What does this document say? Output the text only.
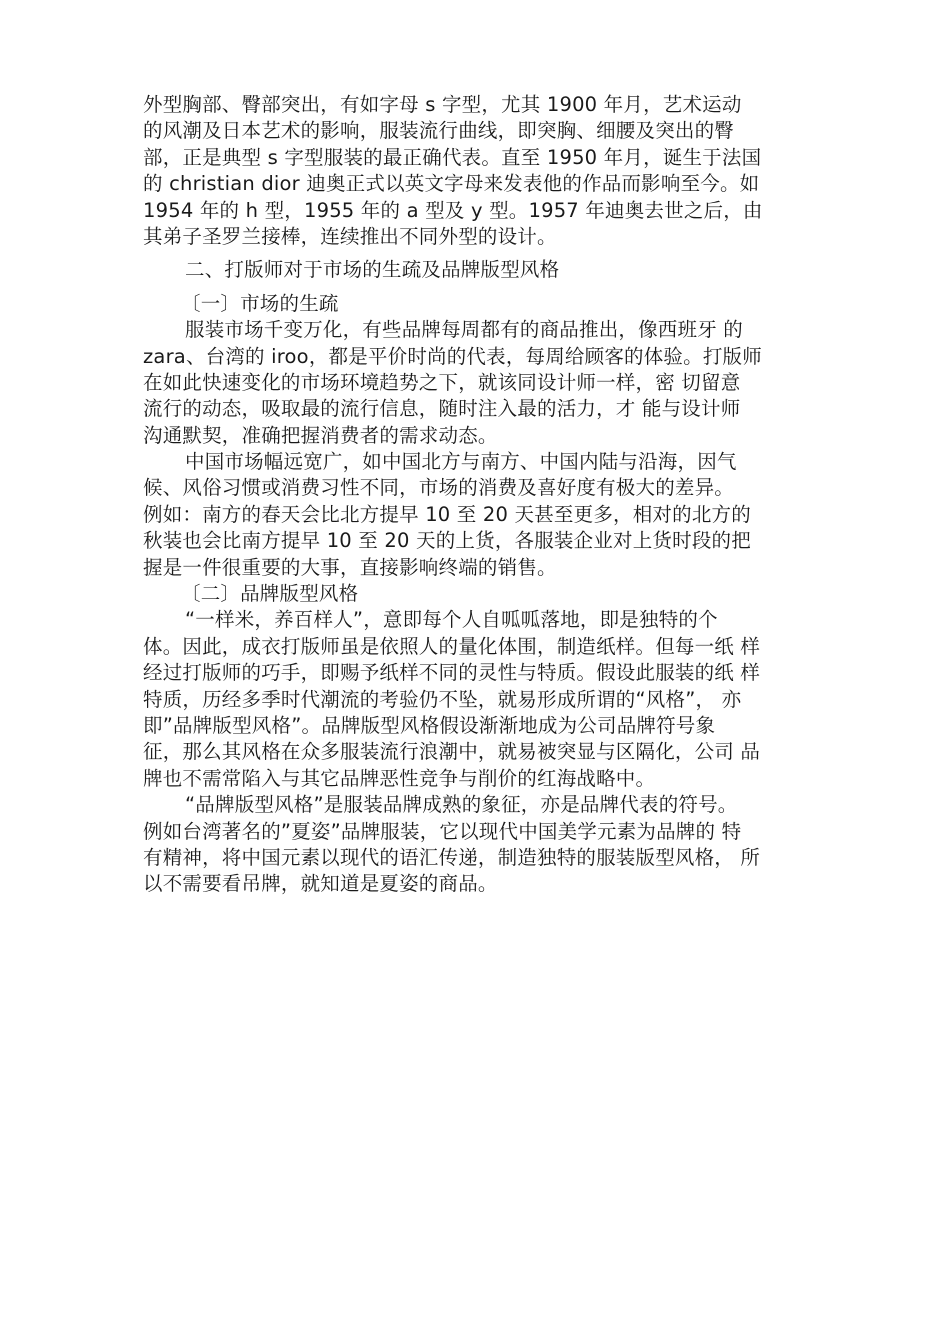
外型胸部、臀部突出，有如字母 s 字型，尤其 1900 年月，艺术运动
的风潮及日本艺术的影响，服装流行曲线，即突胸、细腰及突出的臀
部，正是典型 s 字型服装的最正确代表。直至 1950 年月，诞生于法国
的 christian dior 迪奥正式以英文字母来发表他的作品而影响至今。如
1954 年的 h 型，1955 年的 a 型及 y 型。1957 年迪奥去世之后，由
其弟子圣罗兰接棒，连续推出不同外型的设计。
二、打版师对于市场的生疏及品牌版型风格
〔一〕市场的生疏
服装市场千变万化，有些品牌每周都有的商品推出，像西班牙 的
zara、台湾的 iroo，都是平价时尚的代表，每周给顾客的体验。打版师
在如此快速变化的市场环境趋势之下，就该同设计师一样，密 切留意
流行的动态，吸取最的流行信息，随时注入最的活力，才 能与设计师
沟通默契，准确把握消费者的需求动态。
中国市场幅远宽广，如中国北方与南方、中国内陆与沿海，因气
候、风俗习惯或消费习性不同，市场的消费及喜好度有极大的差异。
例如：南方的春天会比北方提早 10 至 20 天甚至更多，相对的北方的
秋装也会比南方提早 10 至 20 天的上货，各服装企业对上货时段的把
握是一件很重要的大事，直接影响终端的销售。
〔二〕品牌版型风格
“一样米，养百样人”，意即每个人自呱呱落地，即是独特的个
体。因此，成衣打版师虽是依照人的量化体围，制造纸样。但每一纸 样
经过打版师的巧手，即赐予纸样不同的灵性与特质。假设此服装的纸 样
特质，历经多季时代潮流的考验仍不坠，就易形成所谓的“风格”， 亦
即”品牌版型风格”。品牌版型风格假设渐渐地成为公司品牌符号象
征，那么其风格在众多服装流行浪潮中，就易被突显与区隔化，公司 品
牌也不需常陷入与其它品牌恶性竞争与削价的红海战略中。
“品牌版型风格”是服装品牌成熟的象征，亦是品牌代表的符号。
例如台湾著名的”夏姿”品牌服装，它以现代中国美学元素为品牌的 特
有精神，将中国元素以现代的语汇传递，制造独特的服装版型风格， 所
以不需要看吊牌，就知道是夏姿的商品。
